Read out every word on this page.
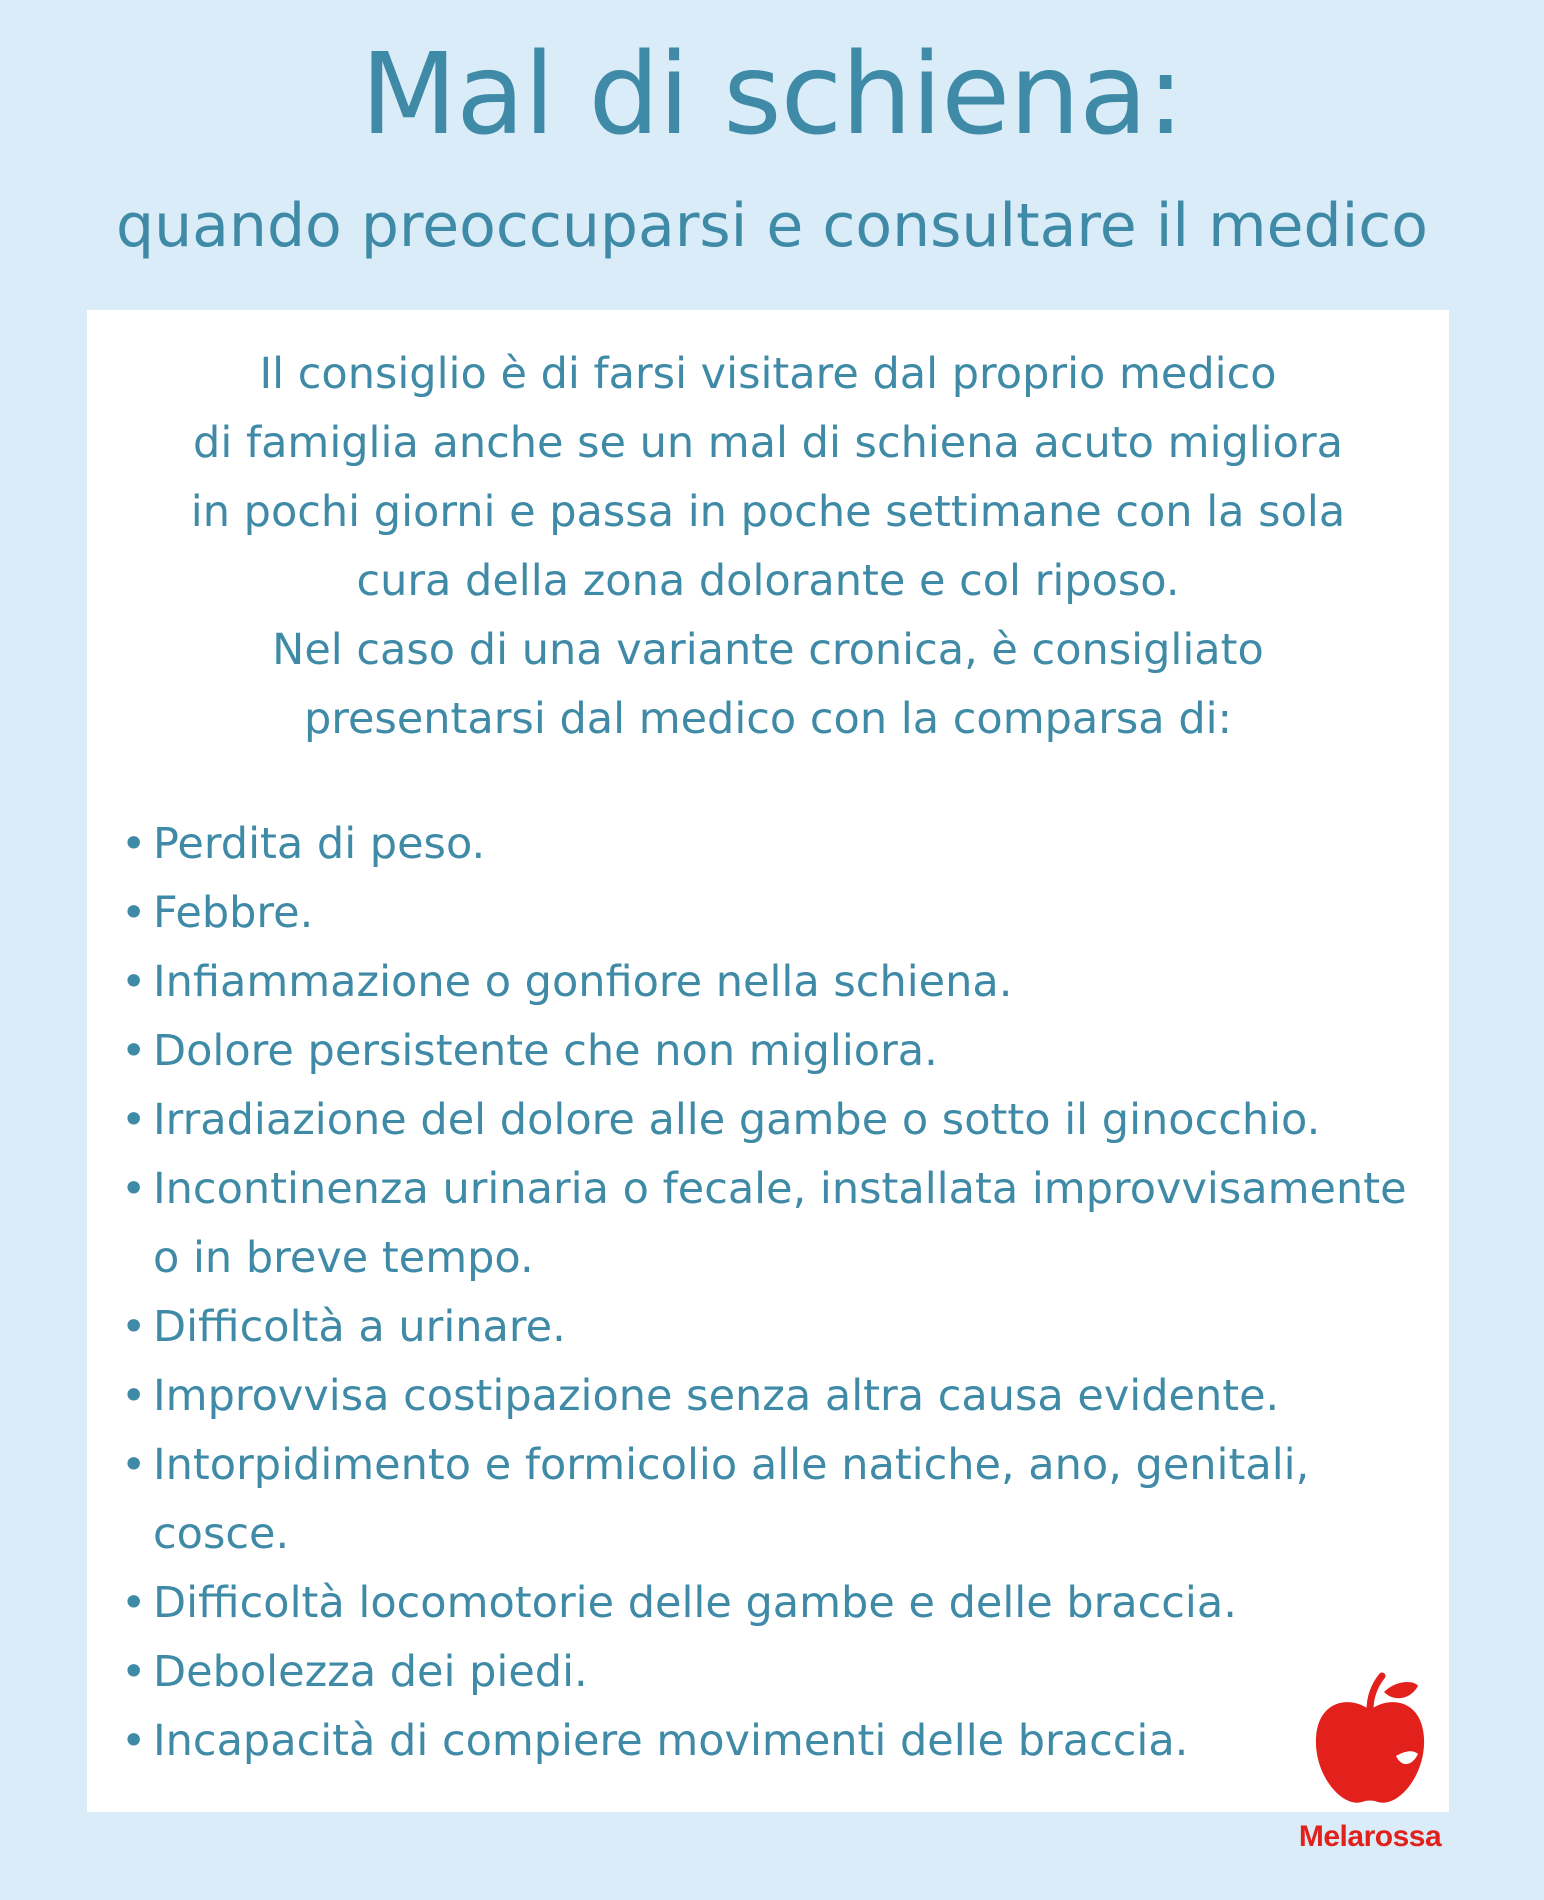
Mal di schiena:
quando preoccuparsi e consultare il medico
Il consiglio è di farsi visitare dal proprio medico
di famiglia anche se un mal di schiena acuto migliora
in pochi giorni e passa in poche settimane con la sola
cura della zona dolorante e col riposo.
Nel caso di una variante cronica, è consigliato
presentarsi dal medico con la comparsa di:
• Perdita di peso.
• Febbre.
• Infiammazione o gonfiore nella schiena.
• Dolore persistente che non migliora.
• Irradiazione del dolore alle gambe o sotto il ginocchio.
• Incontinenza urinaria o fecale, installata improvvisamente
o in breve tempo.
• Difficoltà a urinare.
• Improvvisa costipazione senza altra causa evidente.
• Intorpidimento e formicolio alle natiche, ano, genitali,
cosce.
• Difficoltà locomotorie delle gambe e delle braccia.
• Debolezza dei piedi.
• Incapacità di compiere movimenti delle braccia.
Melarossa
